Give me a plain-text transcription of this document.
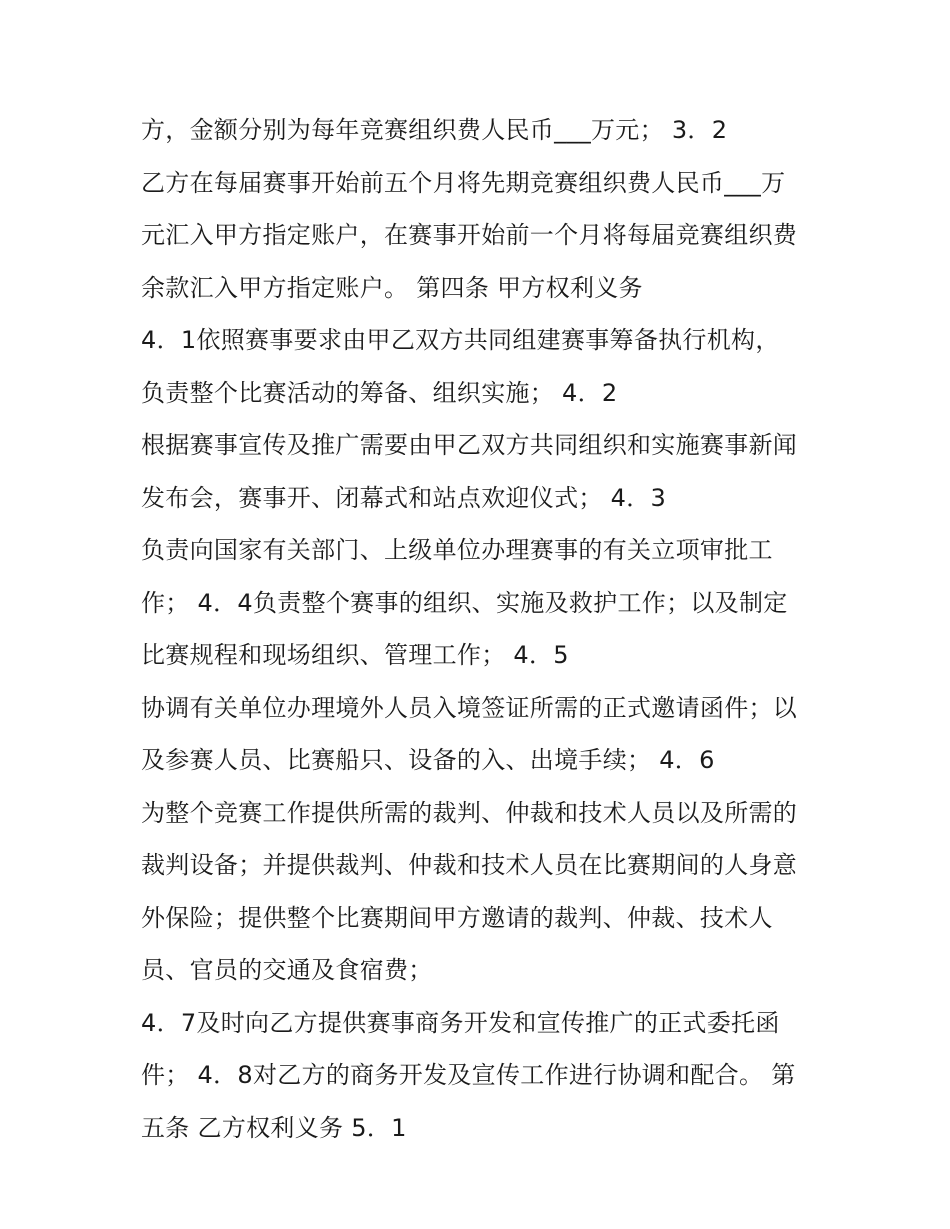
方，金额分别为每年竞赛组织费人民币___万元； 3．2

乙方在每届赛事开始前五个月将先期竞赛组织费人民币___万

元汇入甲方指定账户，在赛事开始前一个月将每届竞赛组织费

余款汇入甲方指定账户。 第四条 甲方权利义务

4．1依照赛事要求由甲乙双方共同组建赛事筹备执行机构，

负责整个比赛活动的筹备、组织实施； 4．2

根据赛事宣传及推广需要由甲乙双方共同组织和实施赛事新闻

发布会，赛事开、闭幕式和站点欢迎仪式； 4．3

负责向国家有关部门、上级单位办理赛事的有关立项审批工

作； 4．4负责整个赛事的组织、实施及救护工作；以及制定

比赛规程和现场组织、管理工作； 4．5

协调有关单位办理境外人员入境签证所需的正式邀请函件；以

及参赛人员、比赛船只、设备的入、出境手续； 4．6

为整个竞赛工作提供所需的裁判、仲裁和技术人员以及所需的

裁判设备；并提供裁判、仲裁和技术人员在比赛期间的人身意

外保险；提供整个比赛期间甲方邀请的裁判、仲裁、技术人

员、官员的交通及食宿费；

4．7及时向乙方提供赛事商务开发和宣传推广的正式委托函

件； 4．8对乙方的商务开发及宣传工作进行协调和配合。 第

五条 乙方权利义务 5．1
